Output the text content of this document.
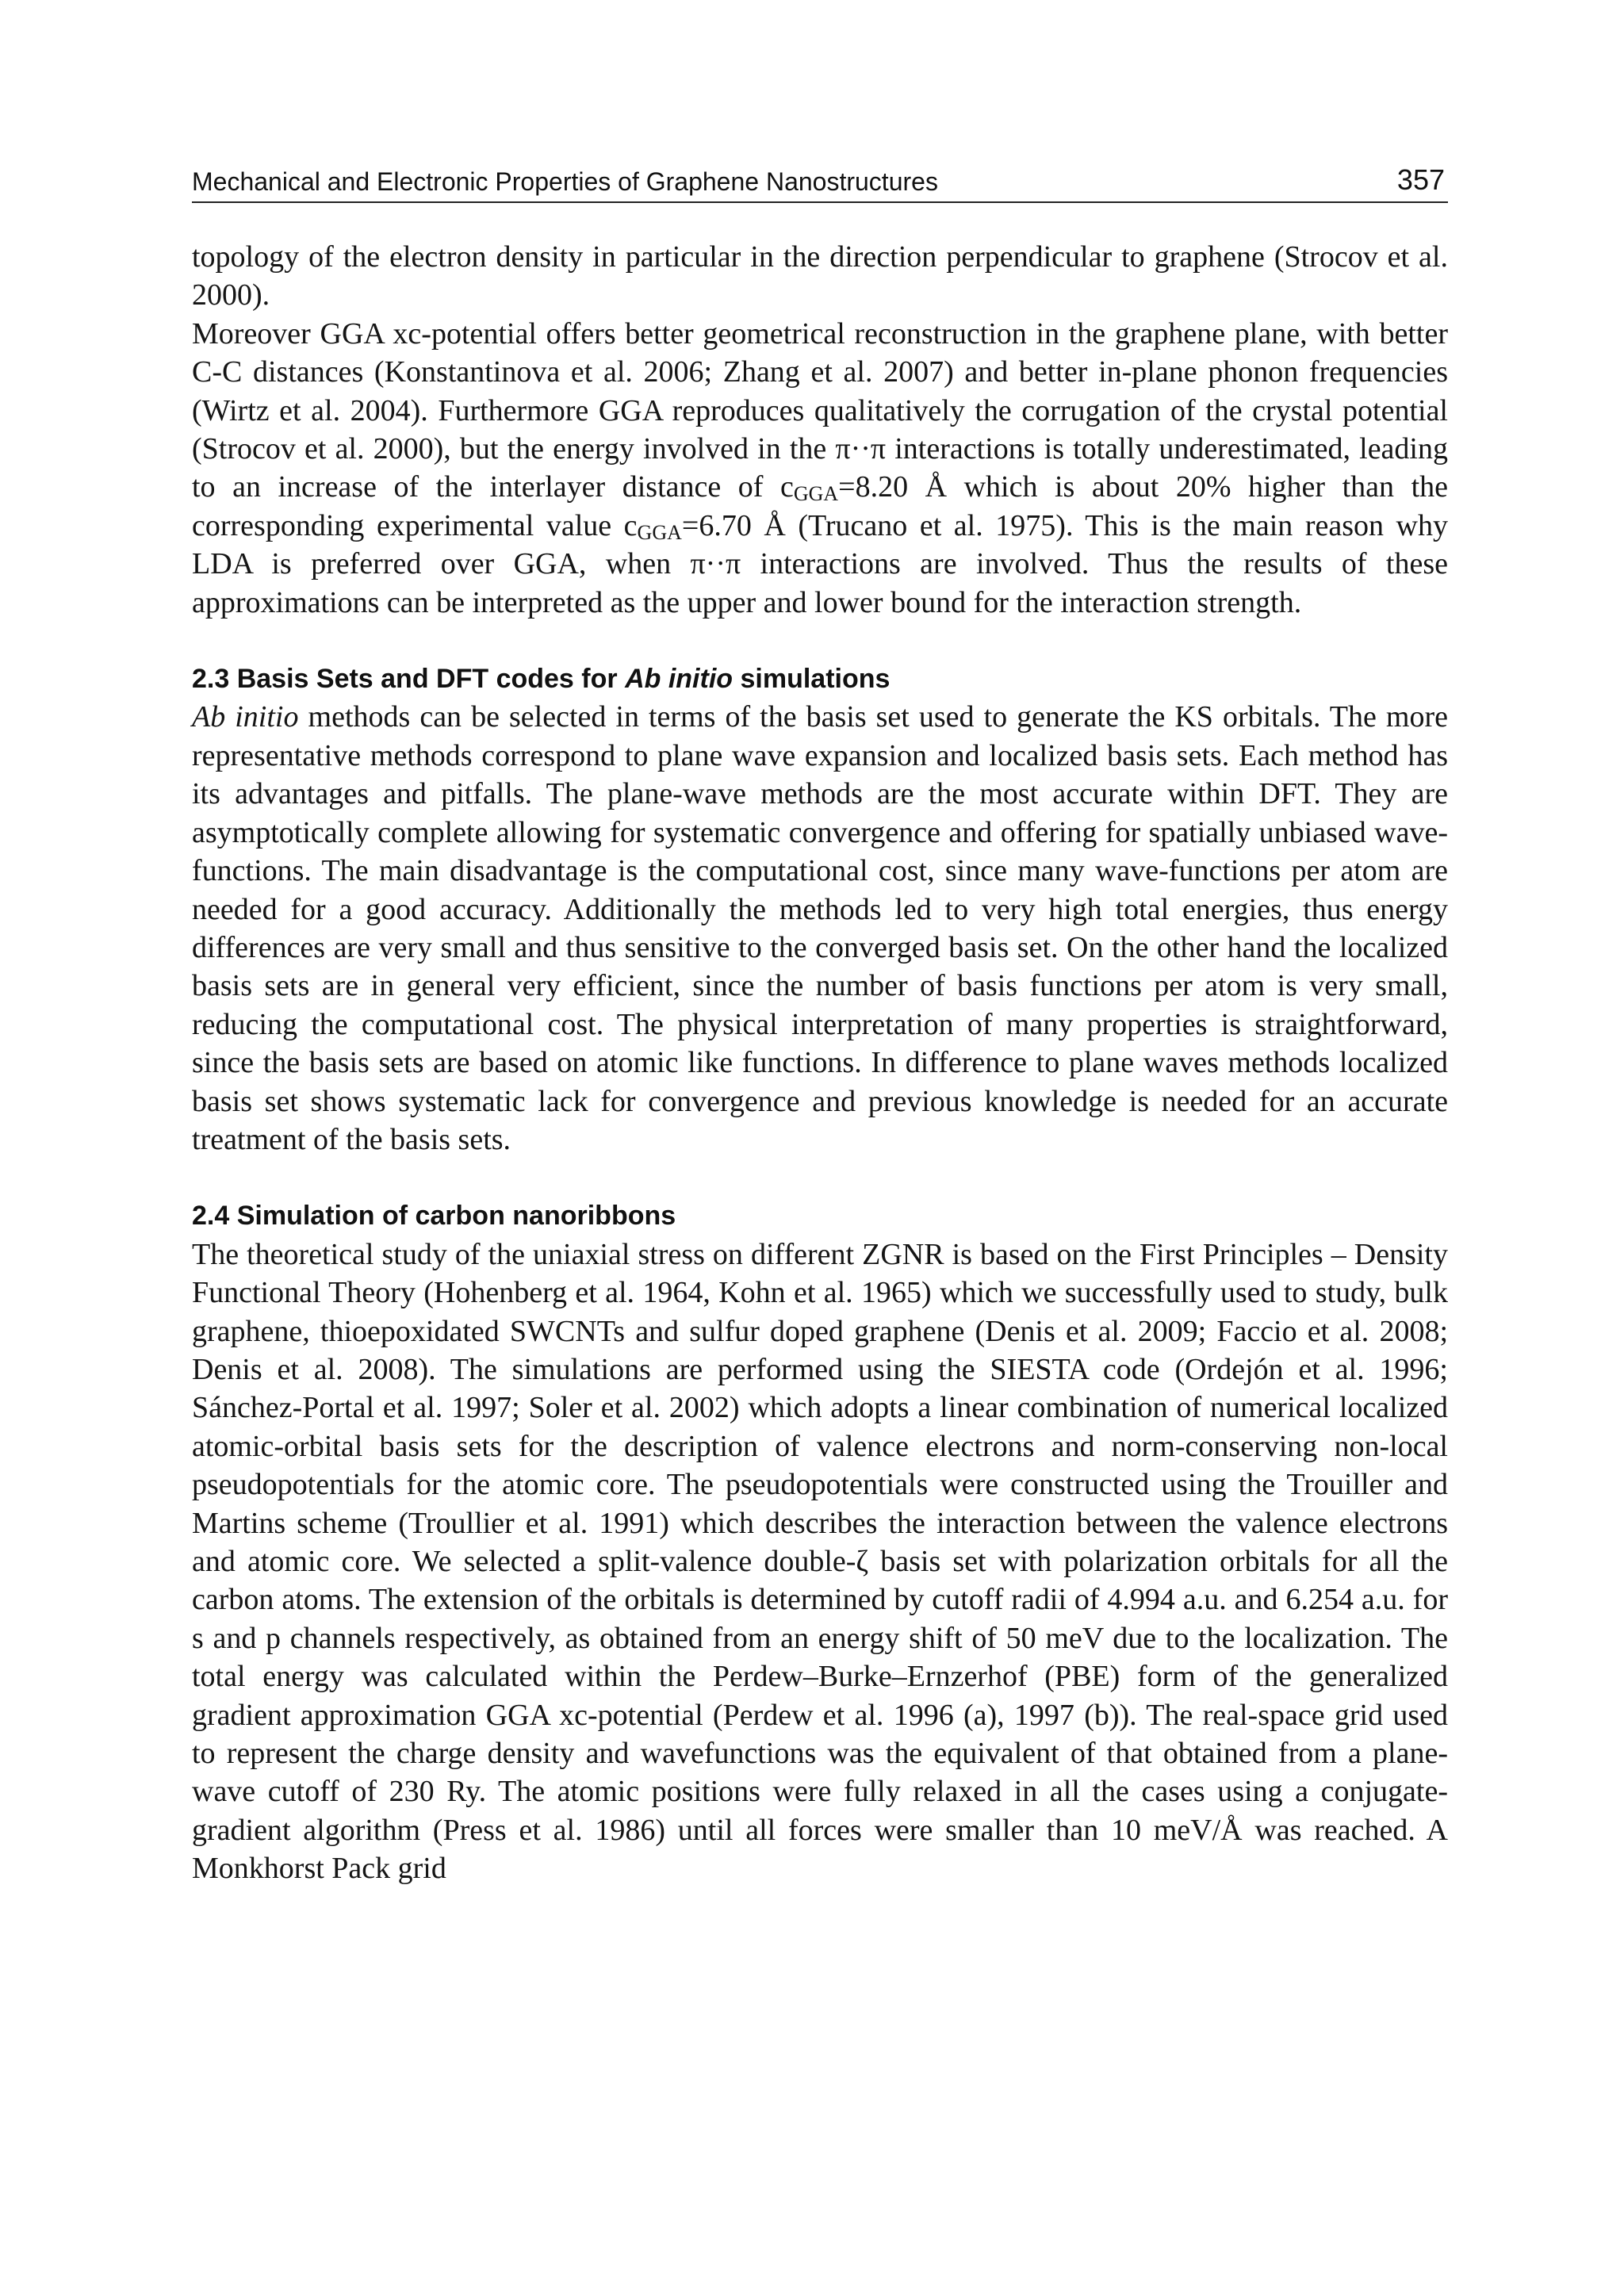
Mechanical and Electronic Properties of Graphene Nanostructures	357

topology of the electron density in particular in the direction perpendicular to graphene (Strocov et al. 2000).

Moreover GGA xc-potential offers better geometrical reconstruction in the graphene plane, with better C-C distances (Konstantinova et al. 2006; Zhang et al. 2007) and better in-plane phonon frequencies (Wirtz et al. 2004). Furthermore GGA reproduces qualitatively the corrugation of the crystal potential (Strocov et al. 2000), but the energy involved in the π··π interactions is totally underestimated, leading to an increase of the interlayer distance of cGGA=8.20 Å which is about 20% higher than the corresponding experimental value cGGA=6.70 Å (Trucano et al. 1975). This is the main reason why LDA is preferred over GGA, when π··π interactions are involved. Thus the results of these approximations can be interpreted as the upper and lower bound for the interaction strength.

2.3 Basis Sets and DFT codes for Ab initio simulations

Ab initio methods can be selected in terms of the basis set used to generate the KS orbitals. The more representative methods correspond to plane wave expansion and localized basis sets. Each method has its advantages and pitfalls. The plane-wave methods are the most accurate within DFT. They are asymptotically complete allowing for systematic convergence and offering for spatially unbiased wave-functions. The main disadvantage is the computational cost, since many wave-functions per atom are needed for a good accuracy. Additionally the methods led to very high total energies, thus energy differences are very small and thus sensitive to the converged basis set. On the other hand the localized basis sets are in general very efficient, since the number of basis functions per atom is very small, reducing the computational cost. The physical interpretation of many properties is straightforward, since the basis sets are based on atomic like functions. In difference to plane waves methods localized basis set shows systematic lack for convergence and previous knowledge is needed for an accurate treatment of the basis sets.

2.4 Simulation of carbon nanoribbons

The theoretical study of the uniaxial stress on different ZGNR is based on the First Principles – Density Functional Theory (Hohenberg et al. 1964, Kohn et al. 1965) which we successfully used to study, bulk graphene, thioepoxidated SWCNTs and sulfur doped graphene (Denis et al. 2009; Faccio et al. 2008; Denis et al. 2008). The simulations are performed using the SIESTA code (Ordejón et al. 1996; Sánchez-Portal et al. 1997; Soler et al. 2002) which adopts a linear combination of numerical localized atomic-orbital basis sets for the description of valence electrons and norm-conserving non-local pseudopotentials for the atomic core. The pseudopotentials were constructed using the Trouiller and Martins scheme (Troullier et al. 1991) which describes the interaction between the valence electrons and atomic core. We selected a split-valence double-ζ basis set with polarization orbitals for all the carbon atoms. The extension of the orbitals is determined by cutoff radii of 4.994 a.u. and 6.254 a.u. for s and p channels respectively, as obtained from an energy shift of 50 meV due to the localization. The total energy was calculated within the Perdew–Burke–Ernzerhof (PBE) form of the generalized gradient approximation GGA xc-potential (Perdew et al. 1996 (a), 1997 (b)). The real-space grid used to represent the charge density and wavefunctions was the equivalent of that obtained from a plane-wave cutoff of 230 Ry. The atomic positions were fully relaxed in all the cases using a conjugate-gradient algorithm (Press et al. 1986) until all forces were smaller than 10 meV/Å was reached. A Monkhorst Pack grid
